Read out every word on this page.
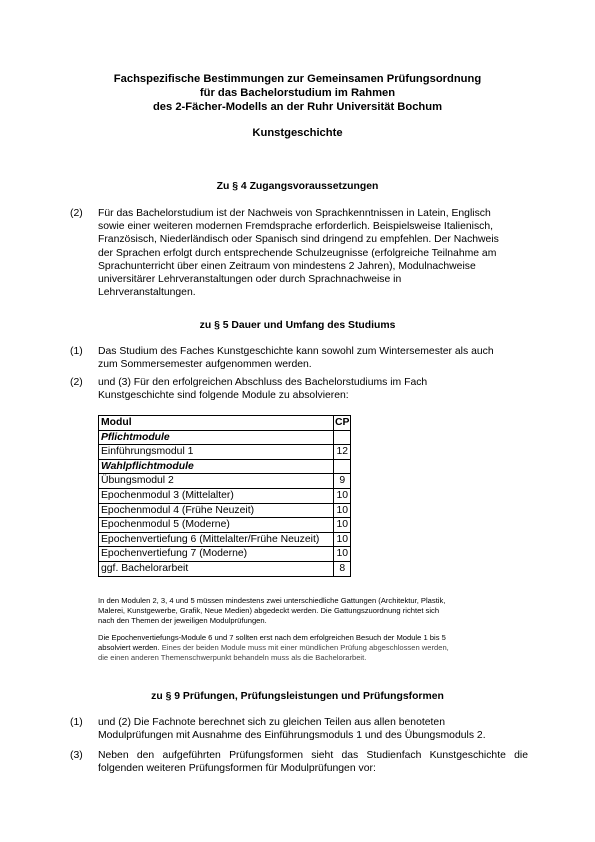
Fachspezifische Bestimmungen zur Gemeinsamen Prüfungsordnung
für das Bachelorstudium im Rahmen
des 2-Fächer-Modells an der Ruhr Universität Bochum
Kunstgeschichte
Zu § 4 Zugangsvoraussetzungen
(2)	Für das Bachelorstudium ist der Nachweis von Sprachkenntnissen in Latein, Englisch
sowie einer weiteren modernen Fremdsprache erforderlich. Beispielsweise Italienisch,
Französisch, Niederländisch oder Spanisch sind dringend zu empfehlen. Der Nachweis
der Sprachen erfolgt durch entsprechende Schulzeugnisse (erfolgreiche Teilnahme am
Sprachunterricht über einen Zeitraum von mindestens 2 Jahren), Modulnachweise
universitärer Lehrveranstaltungen oder durch Sprachnachweise in
Lehrveranstaltungen.
zu § 5 Dauer und Umfang des Studiums
(1)	Das Studium des Faches Kunstgeschichte kann sowohl zum Wintersemester als auch
zum Sommersemester aufgenommen werden.
(2)	und (3) Für den erfolgreichen Abschluss des Bachelorstudiums im Fach
Kunstgeschichte sind folgende Module zu absolvieren:
Modul	CP
Pflichtmodule	
Einführungsmodul 1	12
Wahlpflichtmodule	
Übungsmodul 2	9
Epochenmodul 3 (Mittelalter)	10
Epochenmodul 4 (Frühe Neuzeit)	10
Epochenmodul 5 (Moderne)	10
Epochenvertiefung 6 (Mittelalter/Frühe Neuzeit)	10
Epochenvertiefung 7 (Moderne)	10
ggf. Bachelorarbeit	8
In den Modulen 2, 3, 4 und 5 müssen mindestens zwei unterschiedliche Gattungen (Architektur, Plastik,
Malerei, Kunstgewerbe, Grafik, Neue Medien) abgedeckt werden. Die Gattungszuordnung richtet sich
nach den Themen der jeweiligen Modulprüfungen.
Die Epochenvertiefungs-Module 6 und 7 sollten erst nach dem erfolgreichen Besuch der Module 1 bis 5
absolviert werden. Eines der beiden Module muss mit einer mündlichen Prüfung abgeschlossen werden,
die einen anderen Themenschwerpunkt behandeln muss als die Bachelorarbeit.
zu § 9 Prüfungen, Prüfungsleistungen und Prüfungsformen
(1)	und (2) Die Fachnote berechnet sich zu gleichen Teilen aus allen benoteten
Modulprüfungen mit Ausnahme des Einführungsmoduls 1 und des Übungsmoduls 2.
(3)	Neben den aufgeführten Prüfungsformen sieht das Studienfach Kunstgeschichte die
folgenden weiteren Prüfungsformen für Modulprüfungen vor:
